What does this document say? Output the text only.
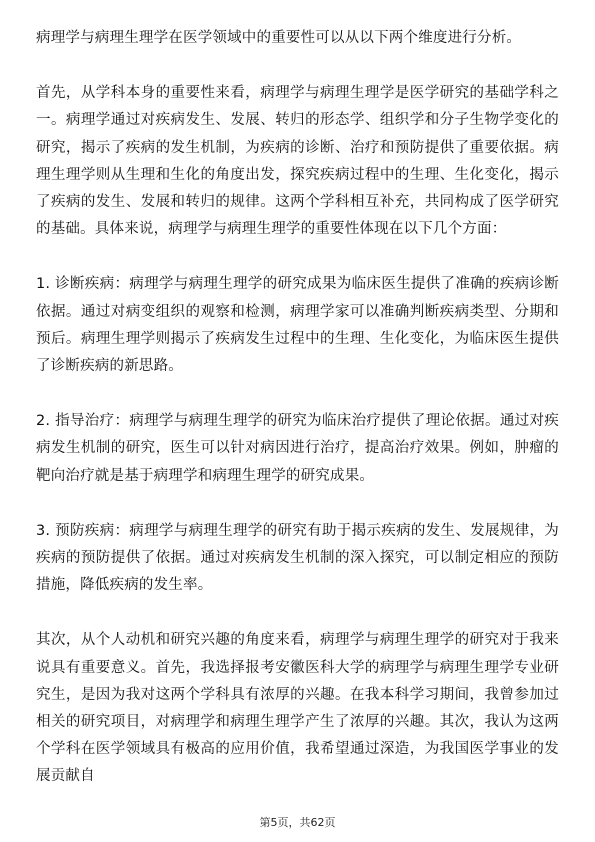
病理学与病理生理学在医学领域中的重要性可以从以下两个维度进行分析。

首先，从学科本身的重要性来看，病理学与病理生理学是医学研究的基础学科之一。病理学通过对疾病发生、发展、转归的形态学、组织学和分子生物学变化的研究，揭示了疾病的发生机制，为疾病的诊断、治疗和预防提供了重要依据。病理生理学则从生理和生化的角度出发，探究疾病过程中的生理、生化变化，揭示了疾病的发生、发展和转归的规律。这两个学科相互补充，共同构成了医学研究的基础。具体来说，病理学与病理生理学的重要性体现在以下几个方面：

1. 诊断疾病：病理学与病理生理学的研究成果为临床医生提供了准确的疾病诊断依据。通过对病变组织的观察和检测，病理学家可以准确判断疾病类型、分期和预后。病理生理学则揭示了疾病发生过程中的生理、生化变化，为临床医生提供了诊断疾病的新思路。

2. 指导治疗：病理学与病理生理学的研究为临床治疗提供了理论依据。通过对疾病发生机制的研究，医生可以针对病因进行治疗，提高治疗效果。例如，肿瘤的靶向治疗就是基于病理学和病理生理学的研究成果。

3. 预防疾病：病理学与病理生理学的研究有助于揭示疾病的发生、发展规律，为疾病的预防提供了依据。通过对疾病发生机制的深入探究，可以制定相应的预防措施，降低疾病的发生率。

其次，从个人动机和研究兴趣的角度来看，病理学与病理生理学的研究对于我来说具有重要意义。首先，我选择报考安徽医科大学的病理学与病理生理学专业研究生，是因为我对这两个学科具有浓厚的兴趣。在我本科学习期间，我曾参加过相关的研究项目，对病理学和病理生理学产生了浓厚的兴趣。其次，我认为这两个学科在医学领域具有极高的应用价值，我希望通过深造，为我国医学事业的发展贡献自

第5页，共62页
